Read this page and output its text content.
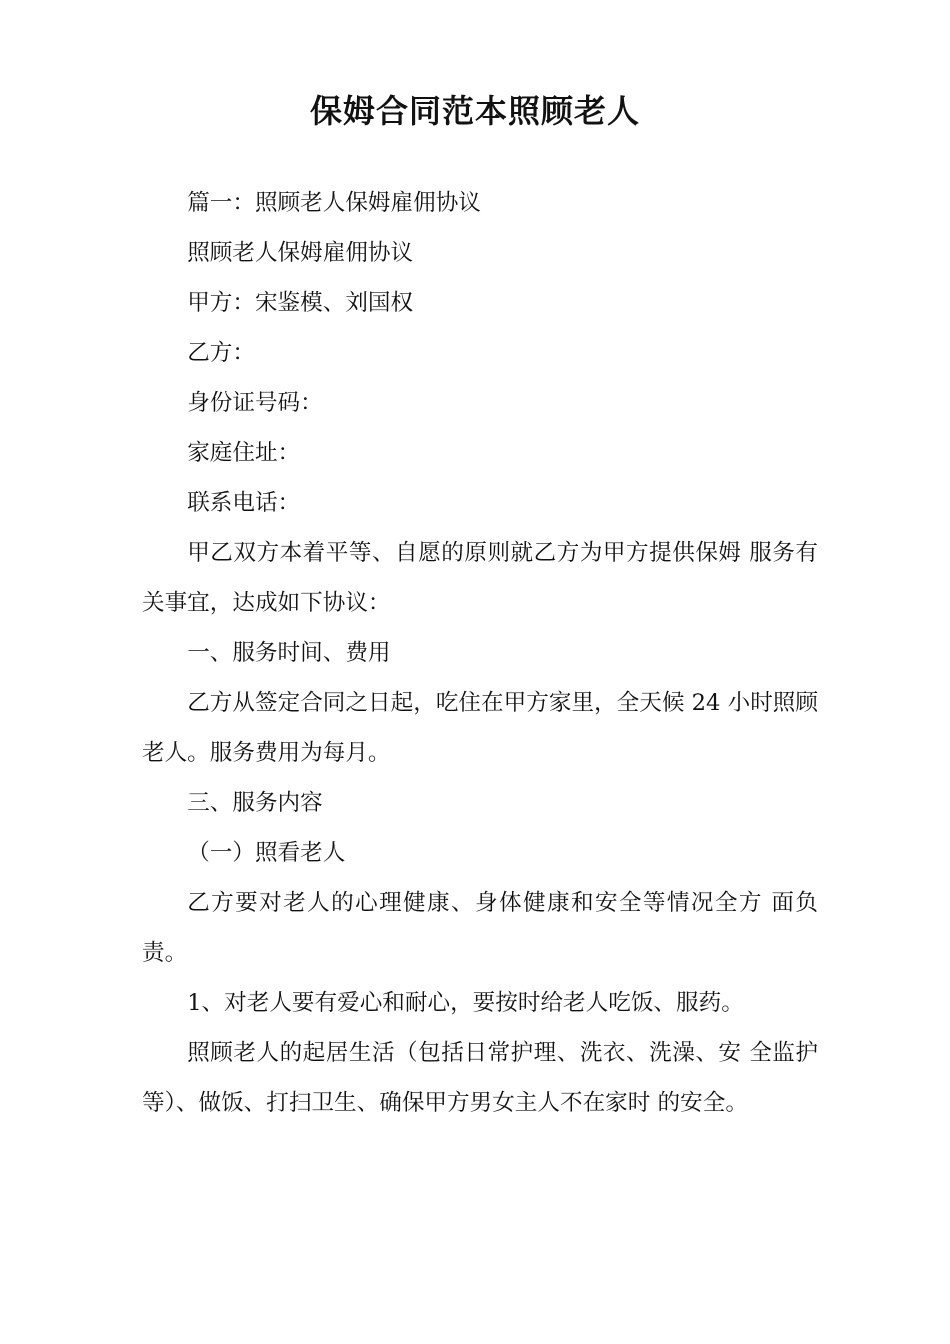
保姆合同范本照顾老人

篇一：照顾老人保姆雇佣协议

照顾老人保姆雇佣协议

甲方：宋鉴模、刘国权

乙方：

身份证号码：

家庭住址：

联系电话：

甲乙双方本着平等、自愿的原则就乙方为甲方提供保姆 服务有关事宜，达成如下协议：

一、服务时间、费用

乙方从签定合同之日起，吃住在甲方家里，全天候 24 小时照顾老人。服务费用为每月。

三、服务内容

（一）照看老人

乙方要对老人的心理健康、身体健康和安全等情况全方 面负责。

1、对老人要有爱心和耐心，要按时给老人吃饭、服药。

照顾老人的起居生活（包括日常护理、洗衣、洗澡、安 全监护等）、做饭、打扫卫生、确保甲方男女主人不在家时 的安全。
